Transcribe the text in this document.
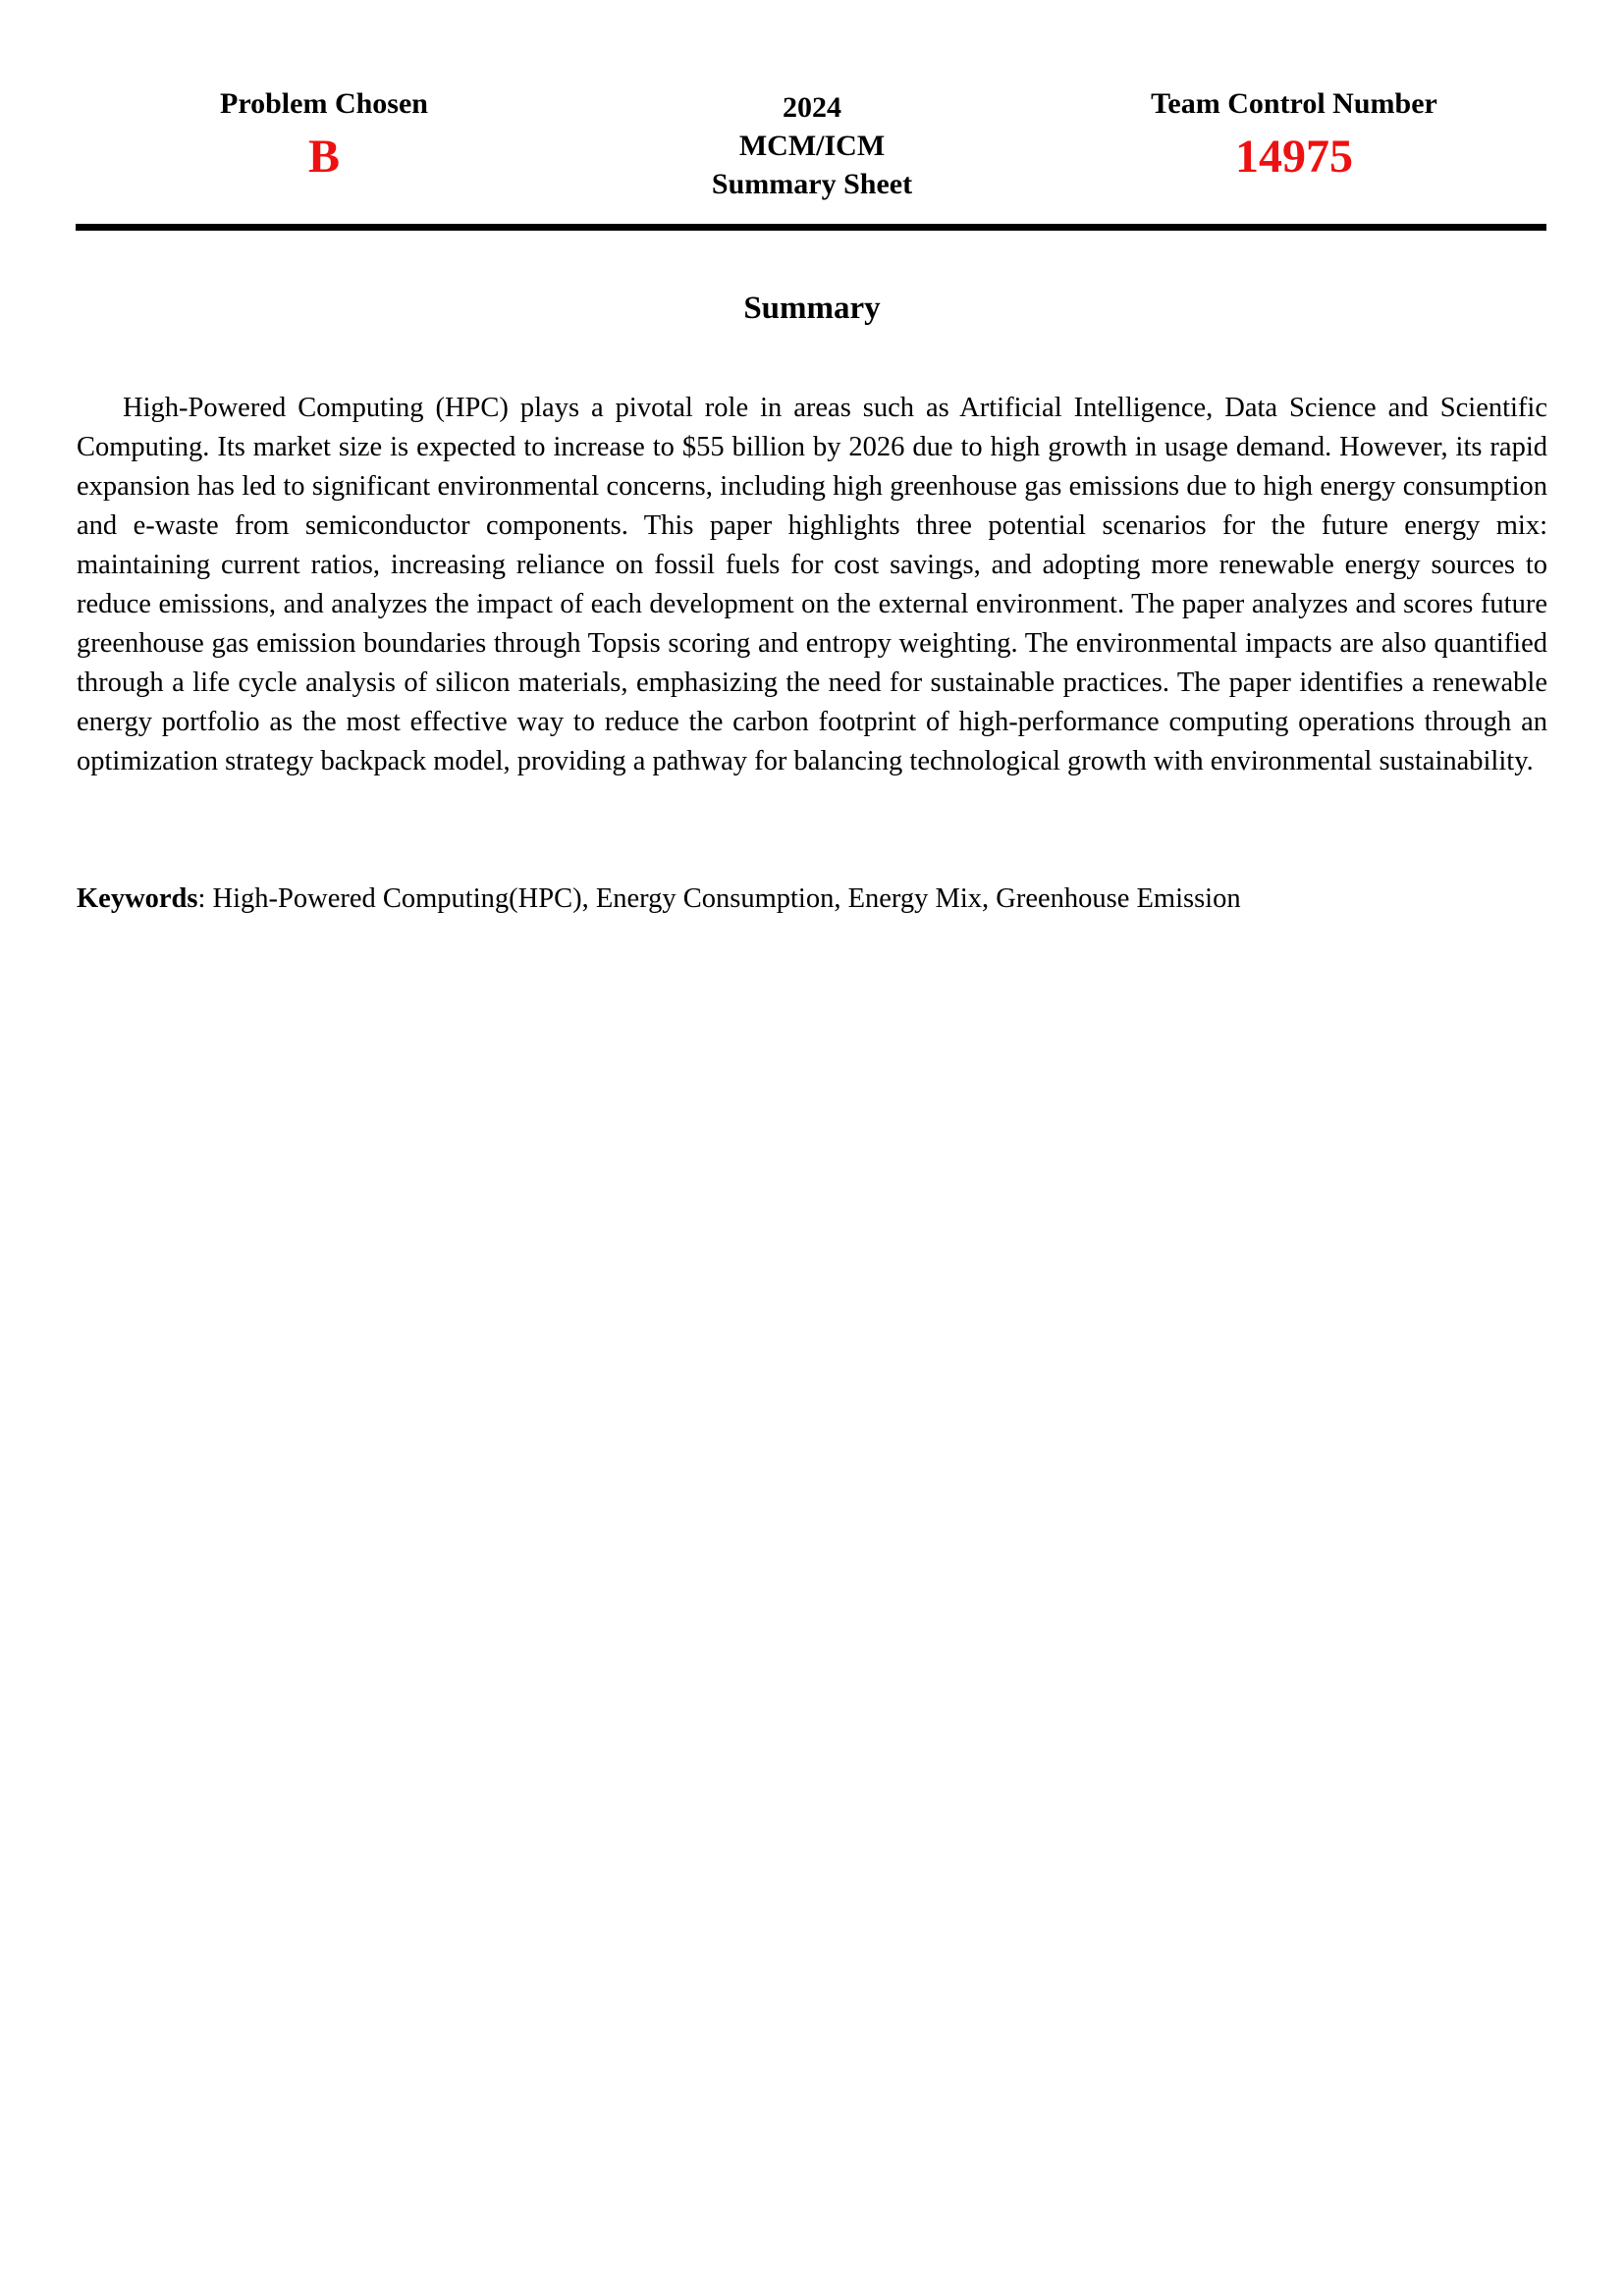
Problem Chosen
B
2024
MCM/ICM
Summary Sheet
Team Control Number
14975
Summary

High-Powered Computing (HPC) plays a pivotal role in areas such as Artificial Intelligence, Data Science and Scientific Computing. Its market size is expected to increase to $55 billion by 2026 due to high growth in usage demand. However, its rapid expansion has led to significant environmental concerns, including high greenhouse gas emissions due to high energy consumption and e-waste from semiconductor components. This paper highlights three potential scenarios for the future energy mix: maintaining current ratios, increasing reliance on fossil fuels for cost savings, and adopting more renewable energy sources to reduce emissions, and analyzes the impact of each development on the external environment. The paper analyzes and scores future greenhouse gas emission boundaries through Topsis scoring and entropy weighting. The environmental impacts are also quantified through a life cycle analysis of silicon materials, emphasizing the need for sustainable practices. The paper identifies a renewable energy portfolio as the most effective way to reduce the carbon footprint of high-performance computing operations through an optimization strategy backpack model, providing a pathway for balancing technological growth with environmental sustainability.

Keywords: High-Powered Computing(HPC), Energy Consumption, Energy Mix, Greenhouse Emission
